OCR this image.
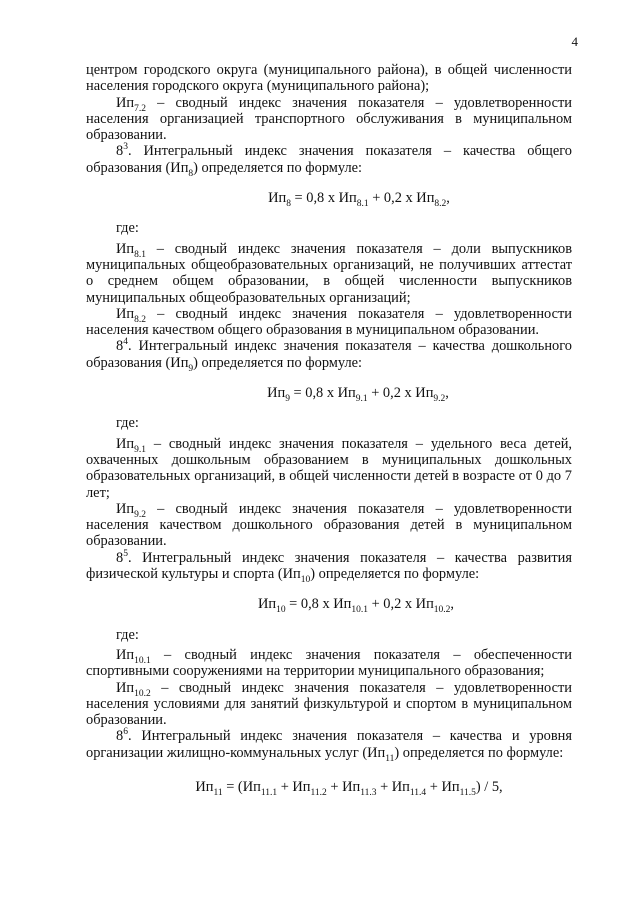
4

центром городского округа (муниципального района), в общей численности населения городского округа (муниципального района);

$Ип_{7.2}$ – сводный индекс значения показателя – удовлетворенности населения организацией транспортного обслуживания в муниципальном образовании.

$8^3$. Интегральный индекс значения показателя – качества общего образования $(Ип_8)$ определяется по формуле:

$Ип_8 = 0,8$ х $Ип_{8.1} + 0,2$ х $Ип_{8.2}$,

где:

$Ип_{8.1}$ – сводный индекс значения показателя – доли выпускников муниципальных общеобразовательных организаций, не получивших аттестат о среднем общем образовании, в общей численности выпускников муниципальных общеобразовательных организаций;

$Ип_{8.2}$ – сводный индекс значения показателя – удовлетворенности населения качеством общего образования в муниципальном образовании.

$8^4$. Интегральный индекс значения показателя – качества дошкольного образования $(Ип_9)$ определяется по формуле:

$Ип_9 = 0,8$ х $Ип_{9.1} + 0,2$ х $Ип_{9.2}$,

где:

$Ип_{9.1}$ – сводный индекс значения показателя – удельного веса детей, охваченных дошкольным образованием в муниципальных дошкольных образовательных организаций, в общей численности детей в возрасте от 0 до 7 лет;

$Ип_{9.2}$ – сводный индекс значения показателя – удовлетворенности населения качеством дошкольного образования детей в муниципальном образовании.

$8^5$. Интегральный индекс значения показателя – качества развития физической культуры и спорта $(Ип_{10})$ определяется по формуле:

$Ип_{10} = 0,8$ х $Ип_{10.1} + 0,2$ х $Ип_{10.2}$,

где:

$Ип_{10.1}$ – сводный индекс значения показателя – обеспеченности спортивными сооружениями на территории муниципального образования;

$Ип_{10.2}$ – сводный индекс значения показателя – удовлетворенности населения условиями для занятий физкультурой и спортом в муниципальном образовании.

$8^6$. Интегральный индекс значения показателя – качества и уровня организации жилищно-коммунальных услуг $(Ип_{11})$ определяется по формуле:

$Ип_{11} = (Ип_{11.1} + Ип_{11.2} + Ип_{11.3} + Ип_{11.4} + Ип_{11.5}) / 5$,
